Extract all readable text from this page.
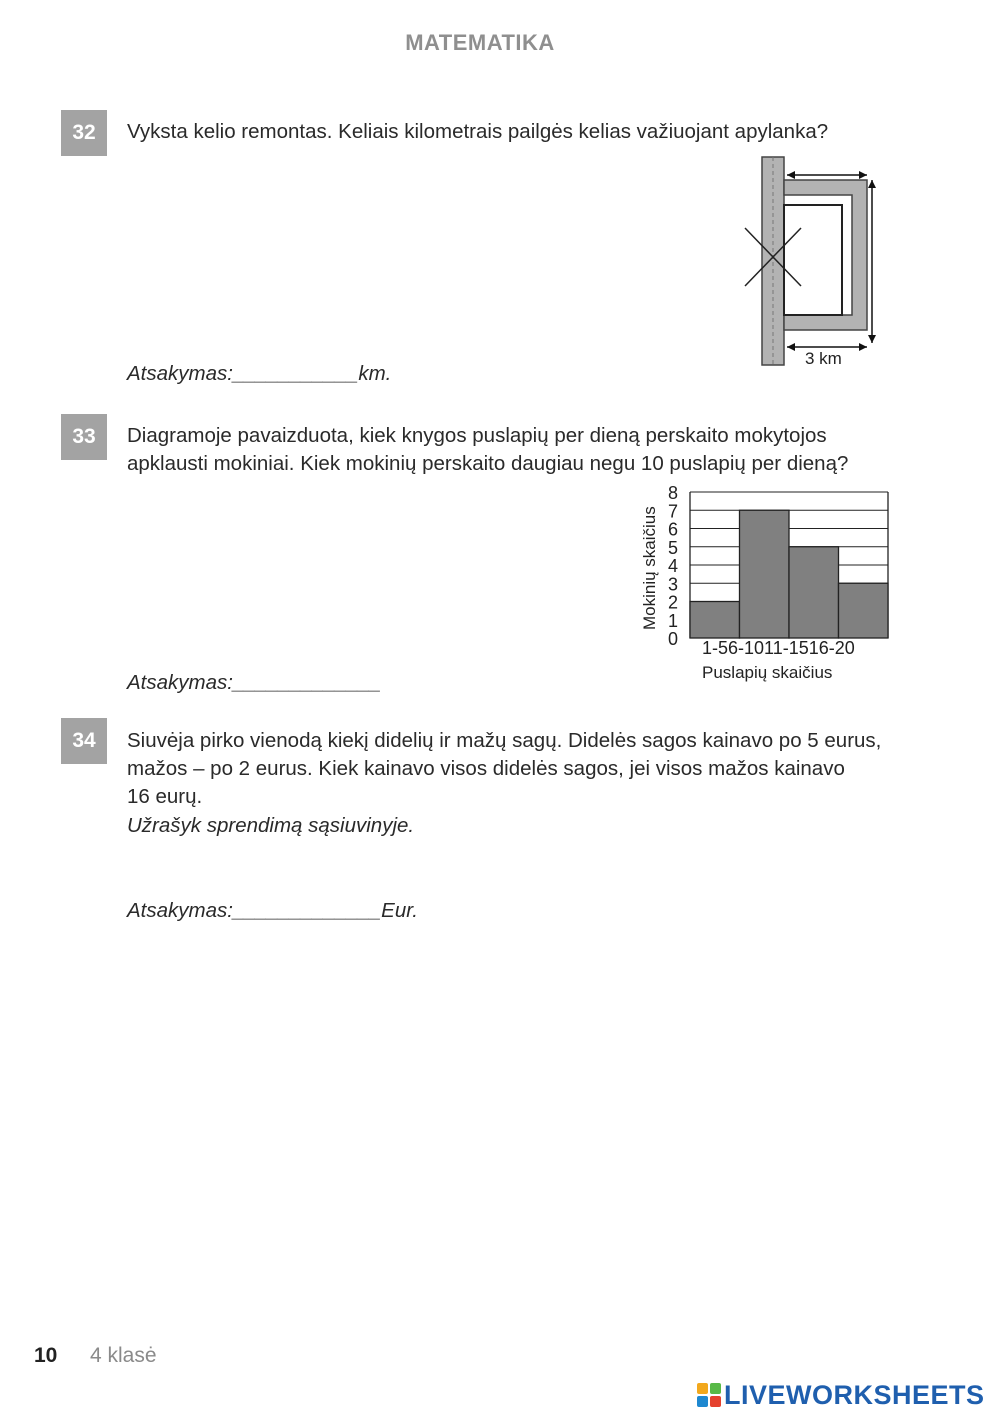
MATEMATIKA
32	Vyksta kelio remontas. Keliais kilometrais pailgės kelias važiuojant apylanka?
3 km
Atsakymas:___________km.
33	Diagramoje pavaizduota, kiek knygos puslapių per dieną perskaito mokytojos
apklausti mokiniai. Kiek mokinių perskaito daugiau negu 10 puslapių per dieną?
0
1
2
3
4
5
6
7
8
Mokinių skaičius
1-56-1011-1516-20
Puslapių skaičius
Atsakymas:_____________
34	Siuvėja pirko vienodą kiekį didelių ir mažų sagų. Didelės sagos kainavo po 5 eurus,
mažos – po 2 eurus. Kiek kainavo visos didelės sagos, jei visos mažos kainavo
16 eurų.
Užrašyk sprendimą sąsiuvinyje.
Atsakymas:_____________Eur.
10 4 klasė
LIVEWORKSHEETS
